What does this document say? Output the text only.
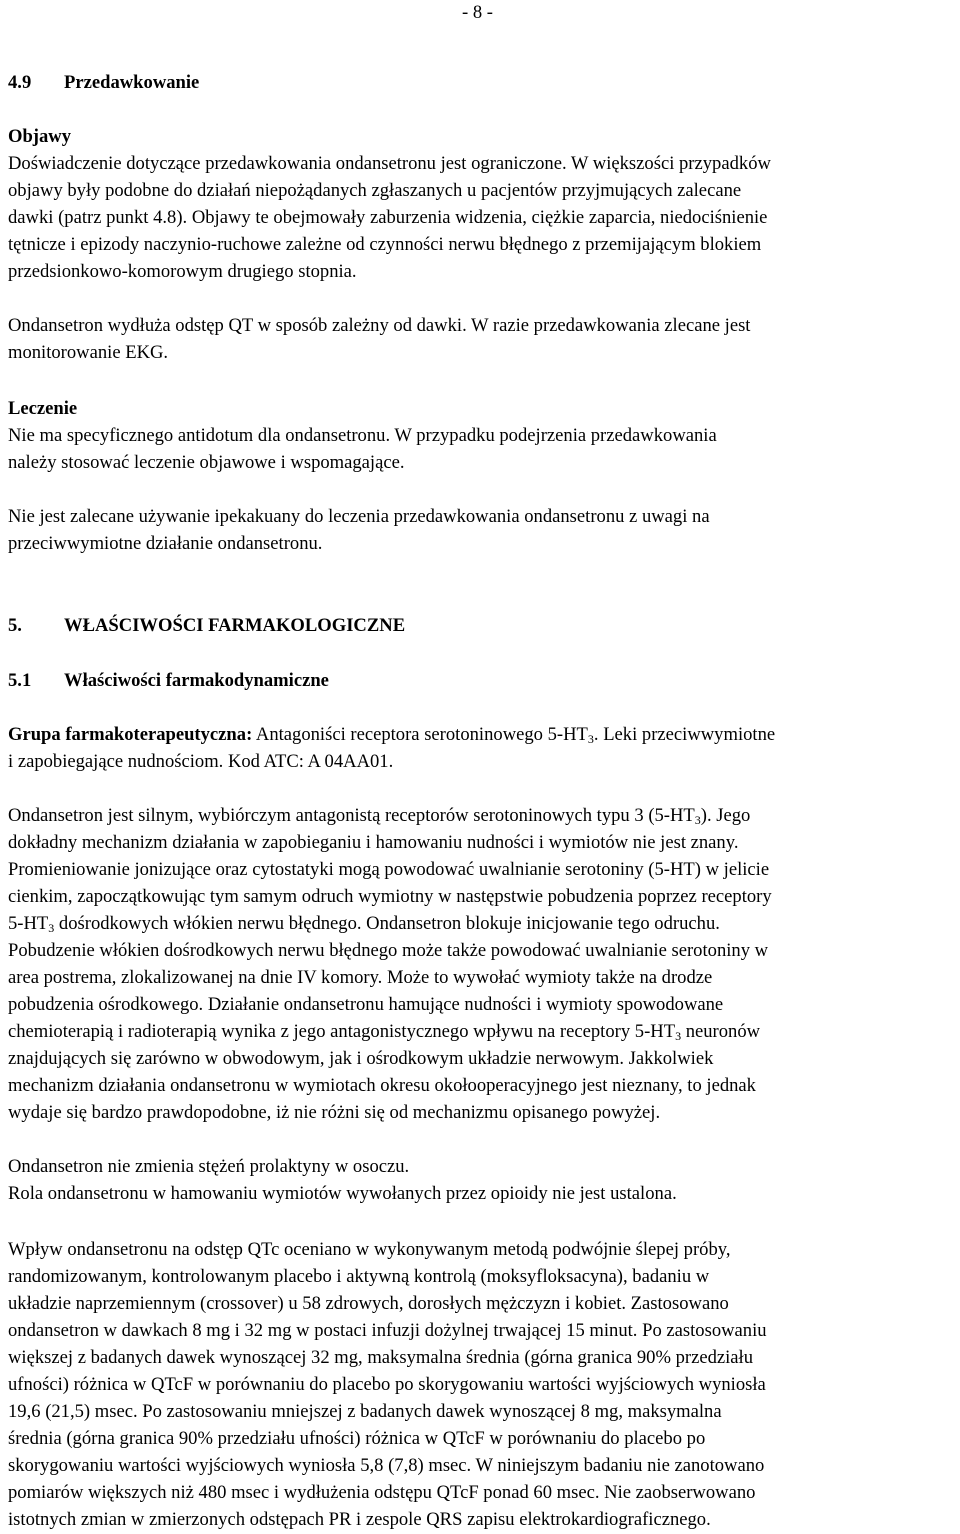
- 8 -
4.9 Przedawkowanie
Objawy
Doświadczenie dotyczące przedawkowania ondansetronu jest ograniczone. W większości przypadków
objawy były podobne do działań niepożądanych zgłaszanych u pacjentów przyjmujących zalecane
dawki (patrz punkt 4.8). Objawy te obejmowały zaburzenia widzenia, ciężkie zaparcia, niedociśnienie
tętnicze i epizody naczynio-ruchowe zależne od czynności nerwu błędnego z przemijającym blokiem
przedsionkowo-komorowym drugiego stopnia.
Ondansetron wydłuża odstęp QT w sposób zależny od dawki. W razie przedawkowania zlecane jest
monitorowanie EKG.
Leczenie
Nie ma specyficznego antidotum dla ondansetronu. W przypadku podejrzenia przedawkowania
należy stosować leczenie objawowe i wspomagające.
Nie jest zalecane używanie ipekakuany do leczenia przedawkowania ondansetronu z uwagi na
przeciwwymiotne działanie ondansetronu.
5. WŁAŚCIWOŚCI FARMAKOLOGICZNE
5.1 Właściwości farmakodynamiczne
Grupa farmakoterapeutyczna: Antagoniści receptora serotoninowego $5-HT_3$. Leki przeciwwymiotne
i zapobiegające nudnościom. Kod ATC: A 04AA01.
Ondansetron jest silnym, wybiórczym antagonistą receptorów serotoninowych typu 3 $(5-HT_3)$. Jego
dokładny mechanizm działania w zapobieganiu i hamowaniu nudności i wymiotów nie jest znany.
Promieniowanie jonizujące oraz cytostatyki mogą powodować uwalnianie serotoniny (5-HT) w jelicie
cienkim, zapoczątkowując tym samym odruch wymiotny w następstwie pobudzenia poprzez receptory
$5-HT_3$ dośrodkowych włókien nerwu błędnego. Ondansetron blokuje inicjowanie tego odruchu.
Pobudzenie włókien dośrodkowych nerwu błędnego może także powodować uwalnianie serotoniny w
area postrema, zlokalizowanej na dnie IV komory. Może to wywołać wymioty także na drodze
pobudzenia ośrodkowego. Działanie ondansetronu hamujące nudności i wymioty spowodowane
chemioterapią i radioterapią wynika z jego antagonistycznego wpływu na receptory $5-HT_3$ neuronów
znajdujących się zarówno w obwodowym, jak i ośrodkowym układzie nerwowym. Jakkolwiek
mechanizm działania ondansetronu w wymiotach okresu okołooperacyjnego jest nieznany, to jednak
wydaje się bardzo prawdopodobne, iż nie różni się od mechanizmu opisanego powyżej.
Ondansetron nie zmienia stężeń prolaktyny w osoczu.
Rola ondansetronu w hamowaniu wymiotów wywołanych przez opioidy nie jest ustalona.
Wpływ ondansetronu na odstęp QTc oceniano w wykonywanym metodą podwójnie ślepej próby,
randomizowanym, kontrolowanym placebo i aktywną kontrolą (moksyfloksacyna), badaniu w
układzie naprzemiennym (crossover) u 58 zdrowych, dorosłych mężczyzn i kobiet. Zastosowano
ondansetron w dawkach 8 mg i 32 mg w postaci infuzji dożylnej trwającej 15 minut. Po zastosowaniu
większej z badanych dawek wynoszącej 32 mg, maksymalna średnia (górna granica 90% przedziału
ufności) różnica w QTcF w porównaniu do placebo po skorygowaniu wartości wyjściowych wyniosła
19,6 (21,5) msec. Po zastosowaniu mniejszej z badanych dawek wynoszącej 8 mg, maksymalna
średnia (górna granica 90% przedziału ufności) różnica w QTcF w porównaniu do placebo po
skorygowaniu wartości wyjściowych wyniosła 5,8 (7,8) msec. W niniejszym badaniu nie zanotowano
pomiarów większych niż 480 msec i wydłużenia odstępu QTcF ponad 60 msec. Nie zaobserwowano
istotnych zmian w zmierzonych odstępach PR i zespole QRS zapisu elektrokardiograficznego.
